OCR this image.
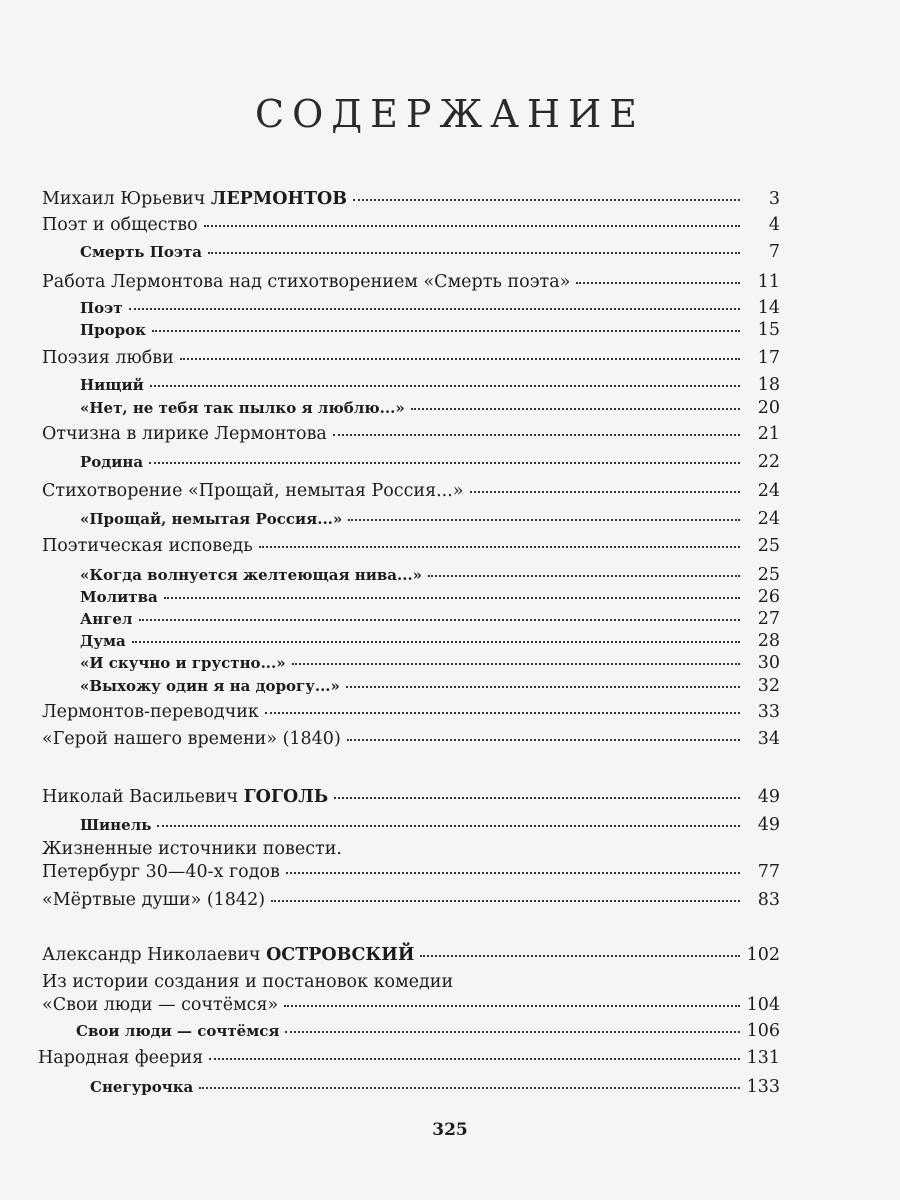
СОДЕРЖАНИЕ
Михаил Юрьевич ЛЕРМОНТОВ	3
Поэт и общество	4
Смерть Поэта	7
Работа Лермонтова над стихотворением «Смерть поэта»	11
Поэт	14
Пророк	15
Поэзия любви	17
Нищий	18
«Нет, не тебя так пылко я люблю...»	20
Отчизна в лирике Лермонтова	21
Родина	22
Стихотворение «Прощай, немытая Россия...»	24
«Прощай, немытая Россия...»	24
Поэтическая исповедь	25
«Когда волнуется желтеющая нива...»	25
Молитва	26
Ангел	27
Дума	28
«И скучно и грустно...»	30
«Выхожу один я на дорогу...»	32
Лермонтов-переводчик	33
«Герой нашего времени» (1840)	34
Николай Васильевич ГОГОЛЬ	49
Шинель	49
Жизненные источники повести.
Петербург 30—40-х годов	77
«Мёртвые души» (1842)	83
Александр Николаевич ОСТРОВСКИЙ	102
Из истории создания и постановок комедии
«Свои люди — сочтёмся»	104
Свои люди — сочтёмся	106
Народная феерия	131
Снегурочка	133
325
